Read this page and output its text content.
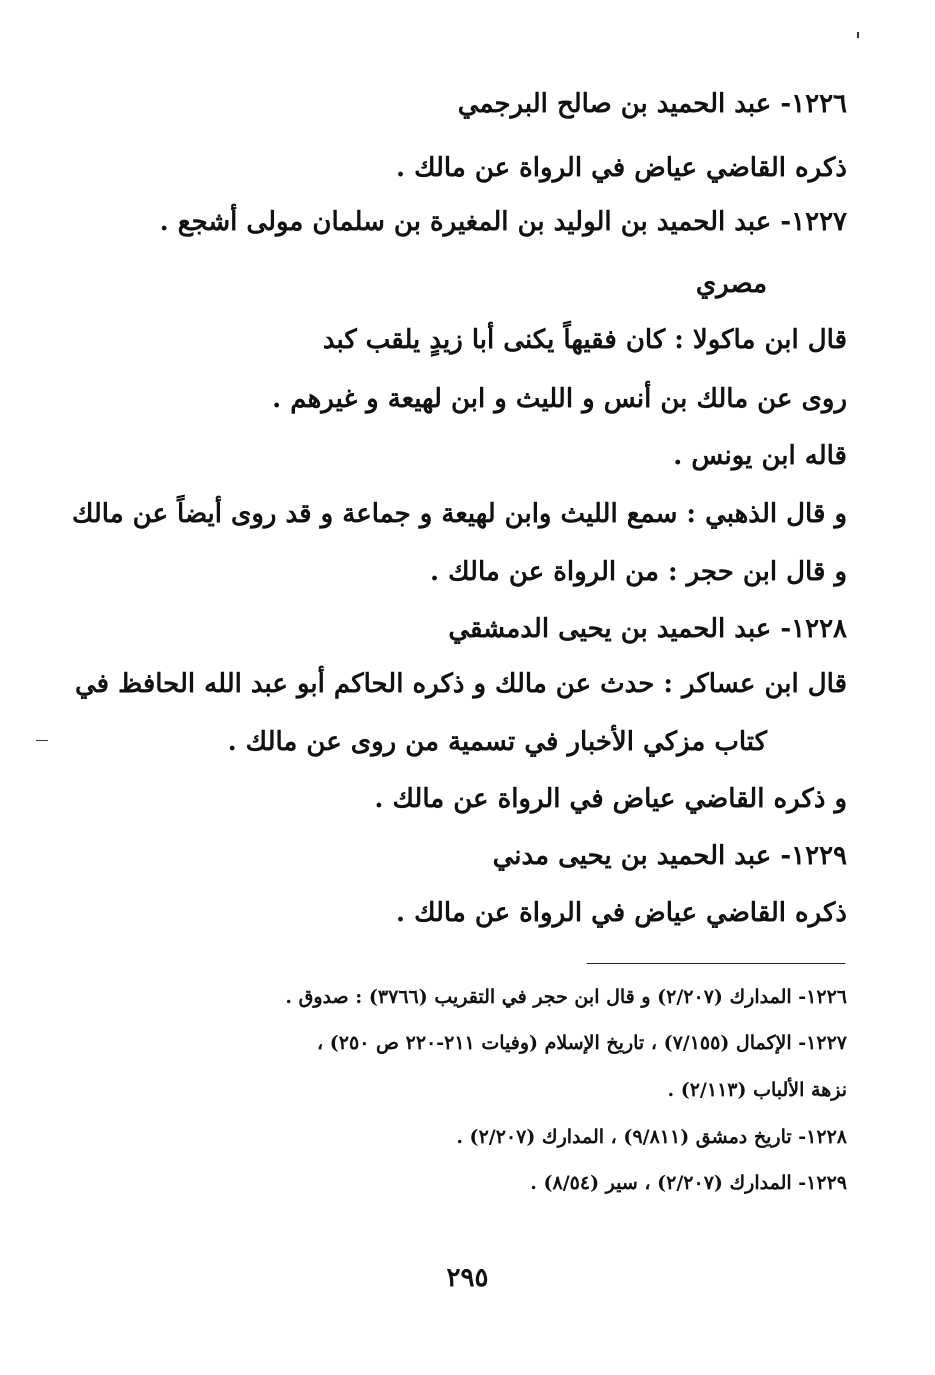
١٢٢٦- عبد الحميد بن صالح البرجمي
ذكره القاضي عياض في الرواة عن مالك .
١٢٢٧- عبد الحميد بن الوليد بن المغيرة بن سلمان مولى أشجع .
مصري
قال ابن ماكولا : كان فقيهاً يكنى أبا زيدٍ يلقب كبد
روى عن مالك بن أنس و الليث و ابن لهيعة و غيرهم .
قاله ابن يونس .
و قال الذهبي : سمع الليث وابن لهيعة و جماعة و قد روى أيضاً عن مالك
و قال ابن حجر : من الرواة عن مالك .
١٢٢٨- عبد الحميد بن يحيى الدمشقي
قال ابن عساكر : حدث عن مالك و ذكره الحاكم أبو عبد الله الحافظ في
كتاب مزكي الأخبار في تسمية من روى عن مالك .
و ذكره القاضي عياض في الرواة عن مالك .
١٢٢٩- عبد الحميد بن يحيى مدني
ذكره القاضي عياض في الرواة عن مالك .
١٢٢٦- المدارك (٢/٢٠٧) و قال ابن حجر في التقريب (٣٧٦٦) : صدوق .
١٢٢٧- الإكمال (٧/١٥٥) ، تاريخ الإسلام (وفيات ٢١١-٢٢٠ ص ٢٥٠) ،
نزهة الألباب (٢/١١٣) .
١٢٢٨- تاريخ دمشق (٩/٨١١) ، المدارك (٢/٢٠٧) .
١٢٢٩- المدارك (٢/٢٠٧) ، سير (٨/٥٤) .
٢٩٥
